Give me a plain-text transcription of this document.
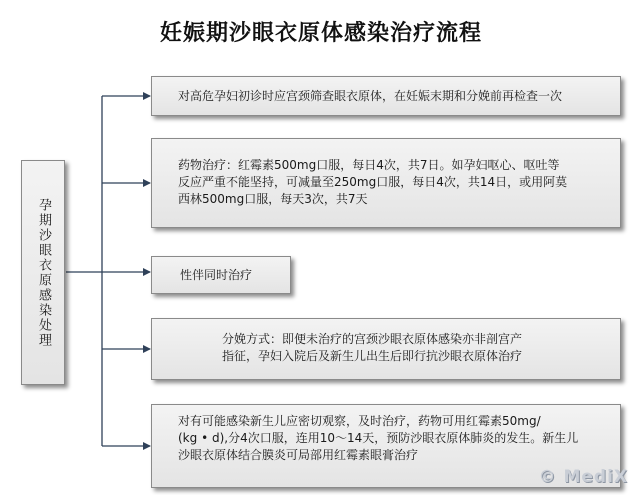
妊娠期沙眼衣原体感染治疗流程
孕期沙眼衣原感染处理
对高危孕妇初诊时应宫颈筛查眼衣原体，在妊娠末期和分娩前再检查一次
药物治疗：红霉素500mg口服，每日4次，共7日。如孕妇呕心、呕吐等
反应严重不能坚持，可减量至250mg口服，每日4次，共14日，或用阿莫
西林500mg口服，每天3次，共7天
性伴同时治疗
分娩方式：即便未治疗的宫颈沙眼衣原体感染亦非剖宫产
指征，孕妇入院后及新生儿出生后即行抗沙眼衣原体治疗
对有可能感染新生儿应密切观察，及时治疗，药物可用红霉素50mg/
(kg • d),分4次口服，连用10～14天，预防沙眼衣原体肺炎的发生。新生儿
沙眼衣原体结合膜炎可局部用红霉素眼膏治疗
© MediX
